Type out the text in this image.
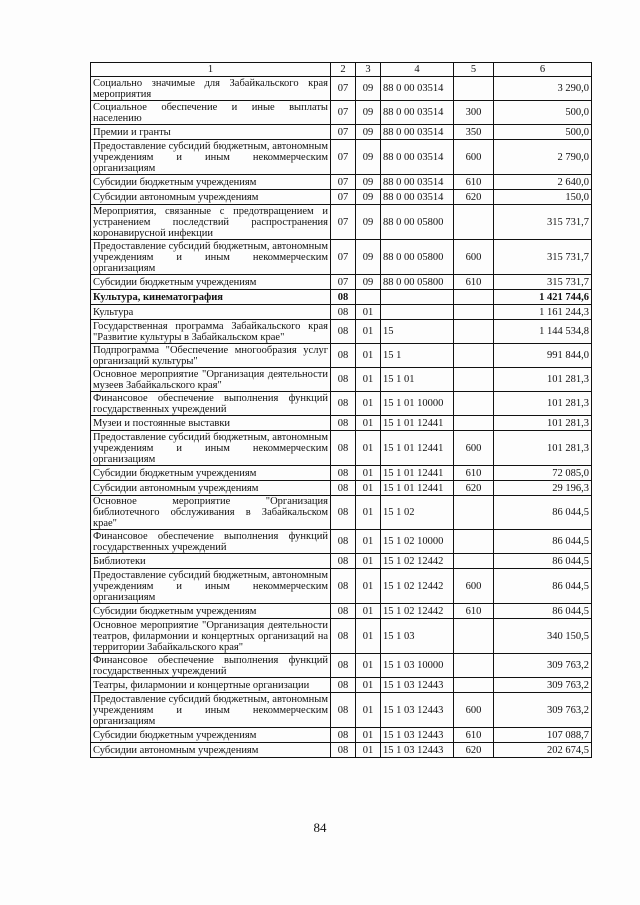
1	2	3	4	5	6
Социально значимые для Забайкальского края мероприятия	07	09	88 0 00 03514		3 290,0
Социальное обеспечение и иные выплаты населению	07	09	88 0 00 03514	300	500,0
Премии и гранты	07	09	88 0 00 03514	350	500,0
Предоставление субсидий бюджетным, автономным учреждениям и иным некоммерческим организациям	07	09	88 0 00 03514	600	2 790,0
Субсидии бюджетным учреждениям	07	09	88 0 00 03514	610	2 640,0
Субсидии автономным учреждениям	07	09	88 0 00 03514	620	150,0
Мероприятия, связанные с предотвращением и устранением последствий распространения коронавирусной инфекции	07	09	88 0 00 05800		315 731,7
Предоставление субсидий бюджетным, автономным учреждениям и иным некоммерческим организациям	07	09	88 0 00 05800	600	315 731,7
Субсидии бюджетным учреждениям	07	09	88 0 00 05800	610	315 731,7
Культура, кинематография	08				1 421 744,6
Культура	08	01			1 161 244,3
Государственная программа Забайкальского края "Развитие культуры в Забайкальском крае"	08	01	15		1 144 534,8
Подпрограмма "Обеспечение многообразия услуг организаций культуры"	08	01	15 1		991 844,0
Основное мероприятие "Организация деятельности музеев Забайкальского края"	08	01	15 1 01		101 281,3
Финансовое обеспечение выполнения функций государственных учреждений	08	01	15 1 01 10000		101 281,3
Музеи и постоянные выставки	08	01	15 1 01 12441		101 281,3
Предоставление субсидий бюджетным, автономным учреждениям и иным некоммерческим организациям	08	01	15 1 01 12441	600	101 281,3
Субсидии бюджетным учреждениям	08	01	15 1 01 12441	610	72 085,0
Субсидии автономным учреждениям	08	01	15 1 01 12441	620	29 196,3
Основное мероприятие "Организация библиотечного обслуживания в Забайкальском крае"	08	01	15 1 02		86 044,5
Финансовое обеспечение выполнения функций государственных учреждений	08	01	15 1 02 10000		86 044,5
Библиотеки	08	01	15 1 02 12442		86 044,5
Предоставление субсидий бюджетным, автономным учреждениям и иным некоммерческим организациям	08	01	15 1 02 12442	600	86 044,5
Субсидии бюджетным учреждениям	08	01	15 1 02 12442	610	86 044,5
Основное мероприятие "Организация деятельности театров, филармонии и концертных организаций на территории Забайкальского края"	08	01	15 1 03		340 150,5
Финансовое обеспечение выполнения функций государственных учреждений	08	01	15 1 03 10000		309 763,2
Театры, филармонии и концертные организации	08	01	15 1 03 12443		309 763,2
Предоставление субсидий бюджетным, автономным учреждениям и иным некоммерческим организациям	08	01	15 1 03 12443	600	309 763,2
Субсидии бюджетным учреждениям	08	01	15 1 03 12443	610	107 088,7
Субсидии автономным учреждениям	08	01	15 1 03 12443	620	202 674,5
84
